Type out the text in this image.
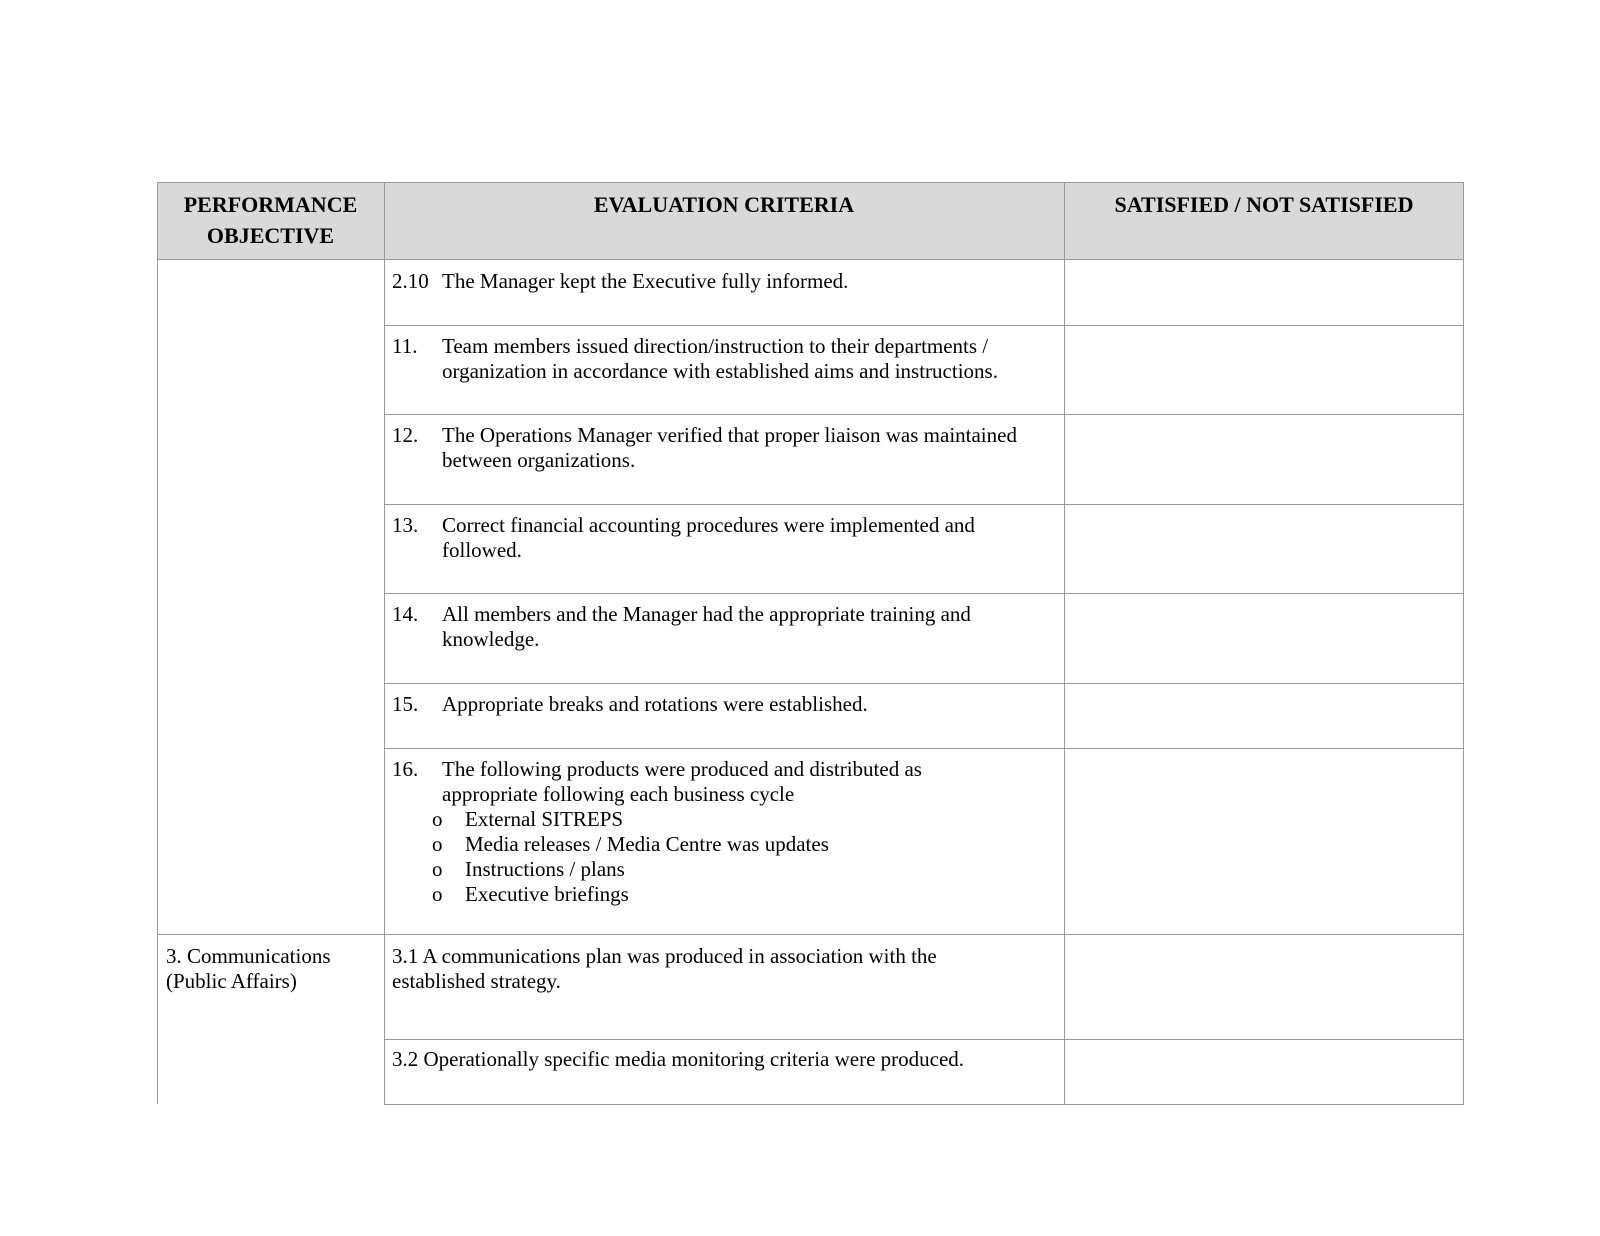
PERFORMANCE
OBJECTIVE
EVALUATION CRITERIA	SATISFIED / NOT SATISFIED
2.10 The Manager kept the Executive fully informed.
11. Team members issued direction/instruction to their departments /
organization in accordance with established aims and instructions.
12. The Operations Manager verified that proper liaison was maintained
between organizations.
13. Correct financial accounting procedures were implemented and
followed.
14. All members and the Manager had the appropriate training and
knowledge.
15. Appropriate breaks and rotations were established.
16. The following products were produced and distributed as
appropriate following each business cycle
o External SITREPS
o Media releases / Media Centre was updates
o Instructions / plans
o Executive briefings
3. Communications
(Public Affairs)
3.1 A communications plan was produced in association with the
established strategy.
3.2 Operationally specific media monitoring criteria were produced.
